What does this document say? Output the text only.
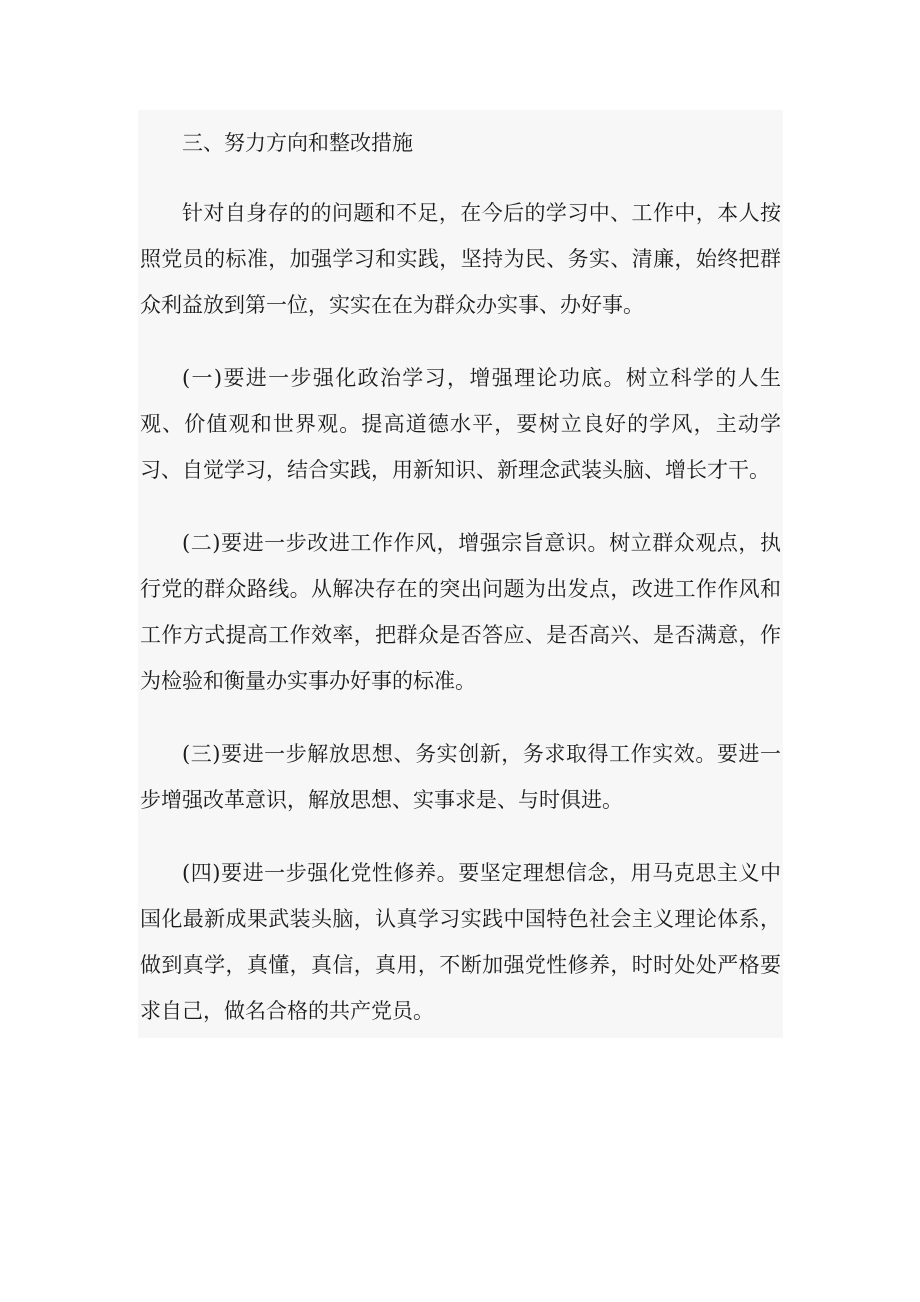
三、努力方向和整改措施

针对自身存的的问题和不足，在今后的学习中、工作中，本人按照党员的标准，加强学习和实践，坚持为民、务实、清廉，始终把群众利益放到第一位，实实在在为群众办实事、办好事。

(一)要进一步强化政治学习，增强理论功底。树立科学的人生观、价值观和世界观。提高道德水平，要树立良好的学风，主动学习、自觉学习，结合实践，用新知识、新理念武装头脑、增长才干。

(二)要进一步改进工作作风，增强宗旨意识。树立群众观点，执行党的群众路线。从解决存在的突出问题为出发点，改进工作作风和工作方式提高工作效率，把群众是否答应、是否高兴、是否满意，作为检验和衡量办实事办好事的标准。

(三)要进一步解放思想、务实创新，务求取得工作实效。要进一步增强改革意识，解放思想、实事求是、与时俱进。

(四)要进一步强化党性修养。要坚定理想信念，用马克思主义中国化最新成果武装头脑，认真学习实践中国特色社会主义理论体系，做到真学，真懂，真信，真用，不断加强党性修养，时时处处严格要求自己，做名合格的共产党员。
